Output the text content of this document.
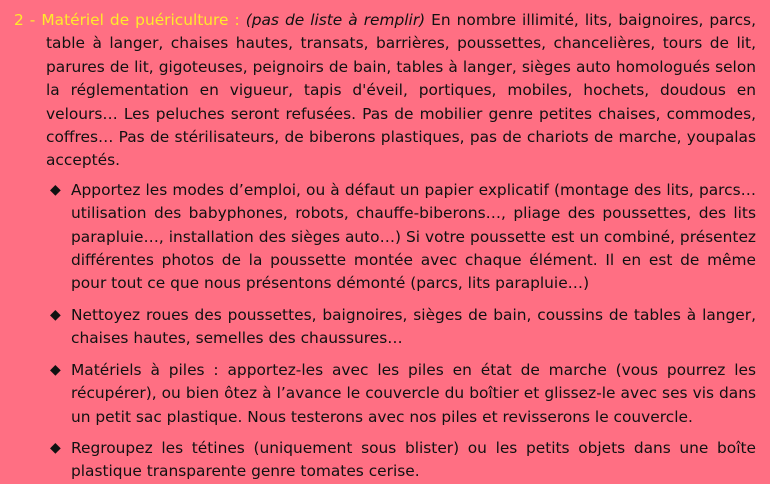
2 - Matériel de puériculture : (pas de liste à remplir) En nombre illimité, lits, baignoires, parcs, table à langer, chaises hautes, transats, barrières, poussettes, chancelières, tours de lit, parures de lit, gigoteuses, peignoirs de bain, tables à langer, sièges auto homologués selon la réglementation en vigueur, tapis d'éveil, portiques, mobiles, hochets, doudous en velours… Les peluches seront refusées. Pas de mobilier genre petites chaises, commodes, coffres… Pas de stérilisateurs, de biberons plastiques, pas de chariots de marche, youpalas acceptés.
◆ Apportez les modes d’emploi, ou à défaut un papier explicatif (montage des lits, parcs… utilisation des babyphones, robots, chauffe-biberons…, pliage des poussettes, des lits parapluie…, installation des sièges auto…) Si votre poussette est un combiné, présentez différentes photos de la poussette montée avec chaque élément. Il en est de même pour tout ce que nous présentons démonté (parcs, lits parapluie…)
◆ Nettoyez roues des poussettes, baignoires, sièges de bain, coussins de tables à langer, chaises hautes, semelles des chaussures…
◆ Matériels à piles : apportez-les avec les piles en état de marche (vous pourrez les récupérer), ou bien ôtez à l’avance le couvercle du boîtier et glissez-le avec ses vis dans un petit sac plastique. Nous testerons avec nos piles et revisserons le couvercle.
◆ Regroupez les tétines (uniquement sous blister) ou les petits objets dans une boîte plastique transparente genre tomates cerise.
